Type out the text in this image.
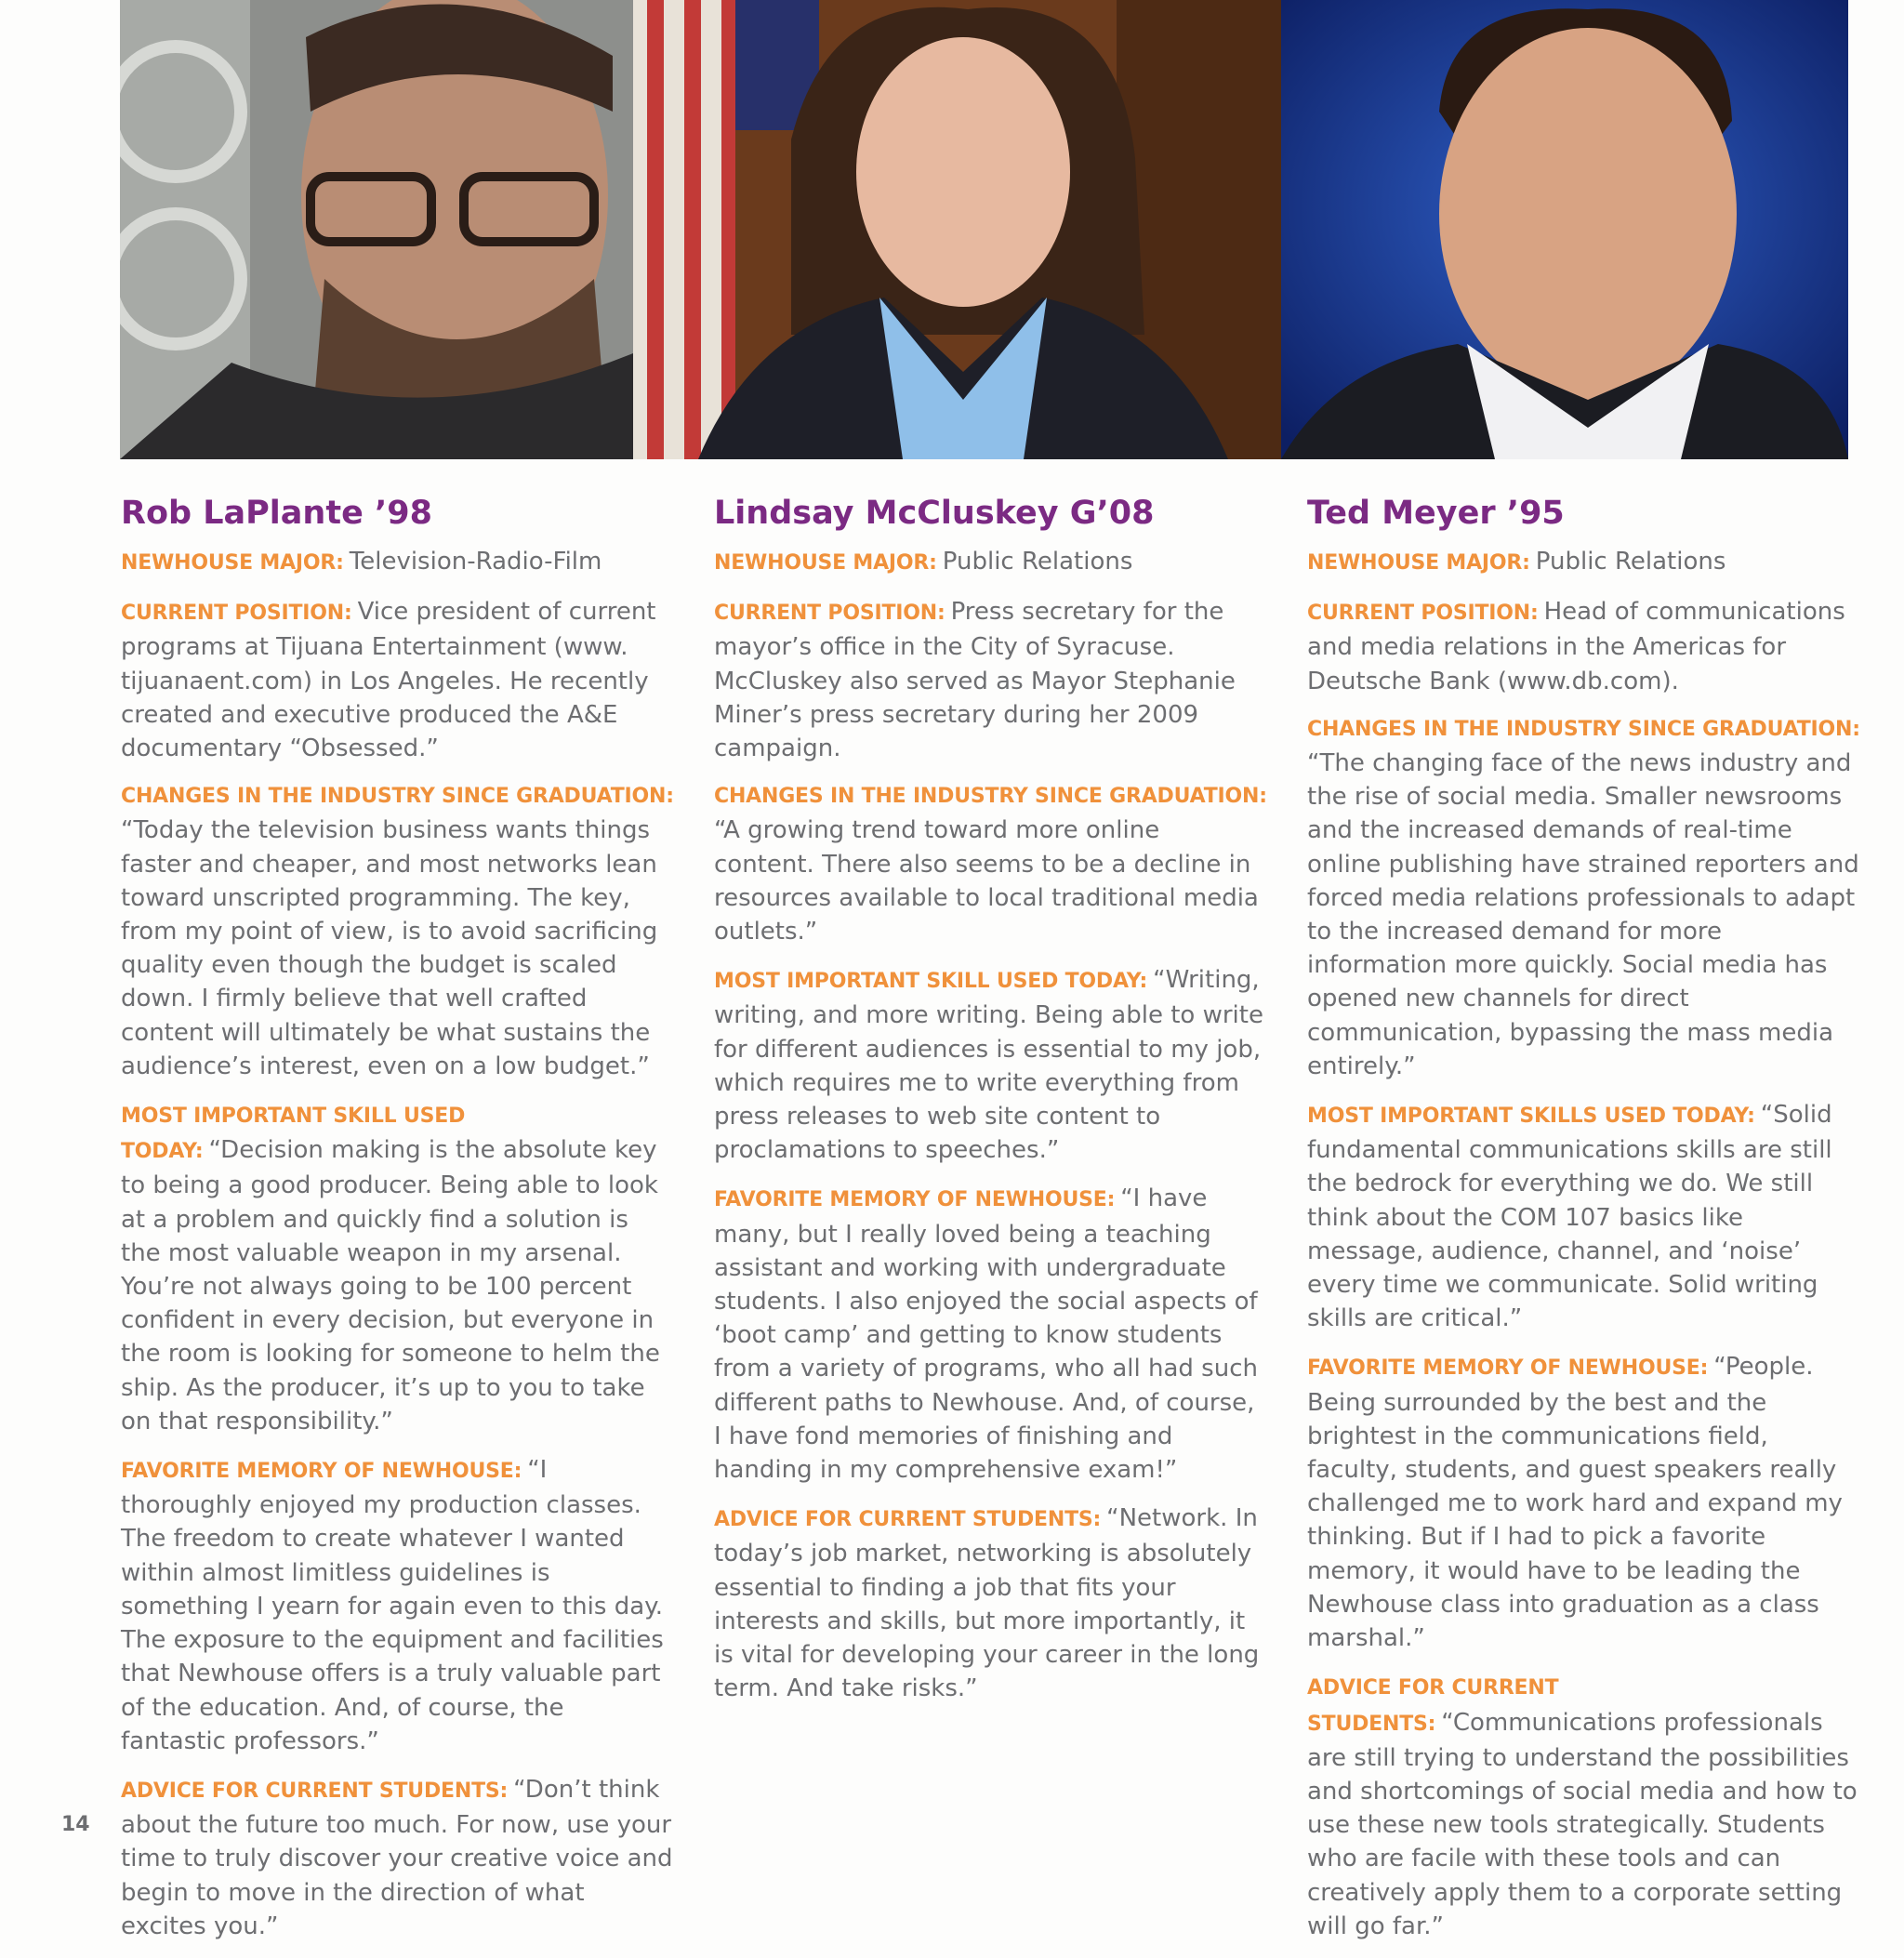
Rob LaPlante ’98

NEWHOUSE MAJOR: Television-Radio-Film

CURRENT POSITION: Vice president of current programs at Tijuana Entertainment (www. tijuanaent.com) in Los Angeles. He recently created and executive produced the A&E documentary “Obsessed.”

CHANGES IN THE INDUSTRY SINCE GRADUATION:
“Today the television business wants things faster and cheaper, and most networks lean toward unscripted programming. The key, from my point of view, is to avoid sacrificing quality even though the budget is scaled down. I firmly believe that well crafted content will ultimately be what sustains the audience’s interest, even on a low budget.”

MOST IMPORTANT SKILL USED TODAY: “Decision making is the absolute key to being a good producer. Being able to look at a problem and quickly find a solution is the most valuable weapon in my arsenal. You’re not always going to be 100 percent confident in every decision, but everyone in the room is looking for someone to helm the ship. As the producer, it’s up to you to take on that responsibility.”

FAVORITE MEMORY OF NEWHOUSE: “I thoroughly enjoyed my production classes. The freedom to create whatever I wanted within almost limitless guidelines is something I yearn for again even to this day. The exposure to the equipment and facilities that Newhouse offers is a truly valuable part of the education. And, of course, the fantastic professors.”

ADVICE FOR CURRENT STUDENTS: “Don’t think about the future too much. For now, use your time to truly discover your creative voice and begin to move in the direction of what excites you.”

Lindsay McCluskey G’08

NEWHOUSE MAJOR: Public Relations

CURRENT POSITION: Press secretary for the mayor’s office in the City of Syracuse. McCluskey also served as Mayor Stephanie Miner’s press secretary during her 2009 campaign.

CHANGES IN THE INDUSTRY SINCE GRADUATION:
“A growing trend toward more online content. There also seems to be a decline in resources available to local traditional media outlets.”

MOST IMPORTANT SKILL USED TODAY: “Writing, writing, and more writing. Being able to write for different audiences is essential to my job, which requires me to write everything from press releases to web site content to proclamations to speeches.”

FAVORITE MEMORY OF NEWHOUSE: “I have many, but I really loved being a teaching assistant and working with undergraduate students. I also enjoyed the social aspects of ‘boot camp’ and getting to know students from a variety of programs, who all had such different paths to Newhouse. And, of course, I have fond memories of finishing and handing in my comprehensive exam!”

ADVICE FOR CURRENT STUDENTS: “Network. In today’s job market, networking is absolutely essential to finding a job that fits your interests and skills, but more importantly, it is vital for developing your career in the long term. And take risks.”

Ted Meyer ’95

NEWHOUSE MAJOR: Public Relations

CURRENT POSITION: Head of communications and media relations in the Americas for Deutsche Bank (www.db.com).

CHANGES IN THE INDUSTRY SINCE GRADUATION:
“The changing face of the news industry and the rise of social media. Smaller newsrooms and the increased demands of real-time online publishing have strained reporters and forced media relations professionals to adapt to the increased demand for more information more quickly. Social media has opened new channels for direct communication, bypassing the mass media entirely.”

MOST IMPORTANT SKILLS USED TODAY: “Solid fundamental communications skills are still the bedrock for everything we do. We still think about the COM 107 basics like message, audience, channel, and ‘noise’ every time we communicate. Solid writing skills are critical.”

FAVORITE MEMORY OF NEWHOUSE: “People. Being surrounded by the best and the brightest in the communications field, faculty, students, and guest speakers really challenged me to work hard and expand my thinking. But if I had to pick a favorite memory, it would have to be leading the Newhouse class into graduation as a class marshal.”

ADVICE FOR CURRENT STUDENTS: “Communications professionals are still trying to understand the possibilities and shortcomings of social media and how to use these new tools strategically. Students who are facile with these tools and can creatively apply them to a corporate setting will go far.”

14
